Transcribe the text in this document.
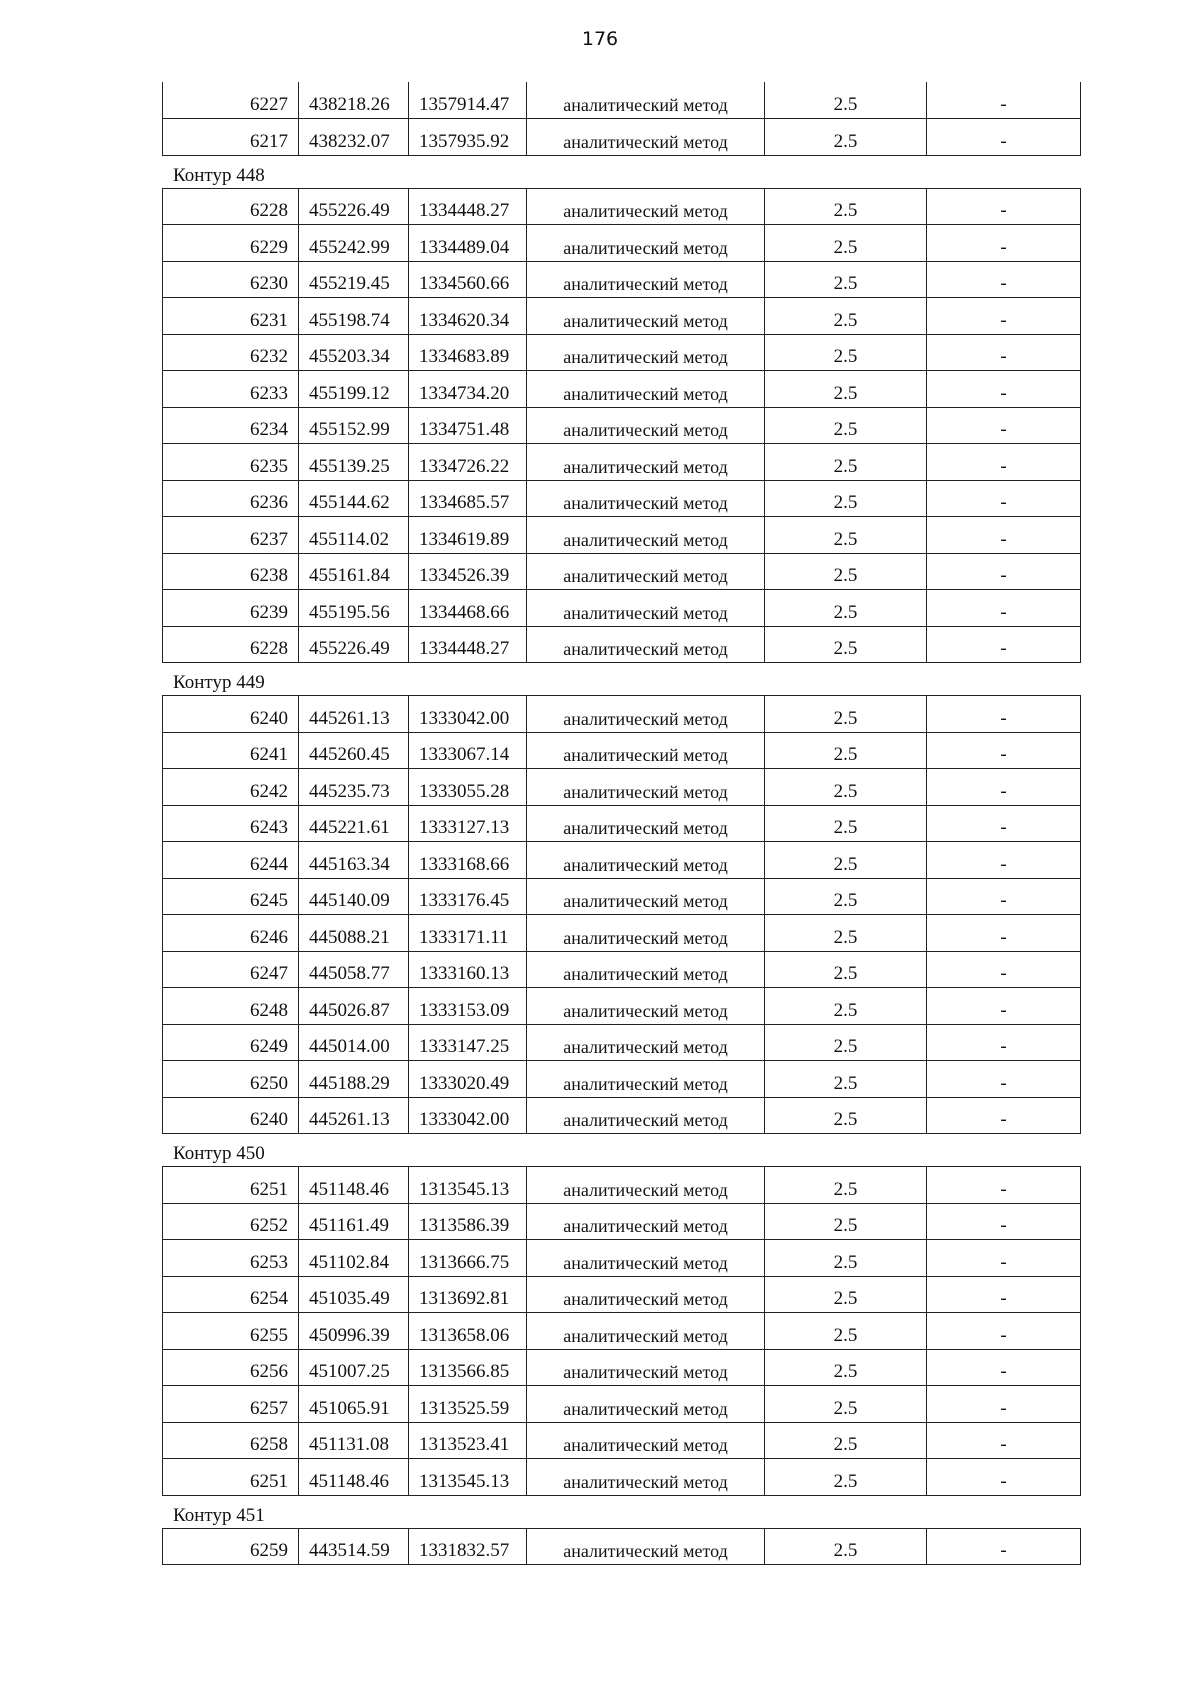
176
6227	438218.26	1357914.47	аналитический метод	2.5	-
6217	438232.07	1357935.92	аналитический метод	2.5	-
Контур 448
6228	455226.49	1334448.27	аналитический метод	2.5	-
6229	455242.99	1334489.04	аналитический метод	2.5	-
6230	455219.45	1334560.66	аналитический метод	2.5	-
6231	455198.74	1334620.34	аналитический метод	2.5	-
6232	455203.34	1334683.89	аналитический метод	2.5	-
6233	455199.12	1334734.20	аналитический метод	2.5	-
6234	455152.99	1334751.48	аналитический метод	2.5	-
6235	455139.25	1334726.22	аналитический метод	2.5	-
6236	455144.62	1334685.57	аналитический метод	2.5	-
6237	455114.02	1334619.89	аналитический метод	2.5	-
6238	455161.84	1334526.39	аналитический метод	2.5	-
6239	455195.56	1334468.66	аналитический метод	2.5	-
6228	455226.49	1334448.27	аналитический метод	2.5	-
Контур 449
6240	445261.13	1333042.00	аналитический метод	2.5	-
6241	445260.45	1333067.14	аналитический метод	2.5	-
6242	445235.73	1333055.28	аналитический метод	2.5	-
6243	445221.61	1333127.13	аналитический метод	2.5	-
6244	445163.34	1333168.66	аналитический метод	2.5	-
6245	445140.09	1333176.45	аналитический метод	2.5	-
6246	445088.21	1333171.11	аналитический метод	2.5	-
6247	445058.77	1333160.13	аналитический метод	2.5	-
6248	445026.87	1333153.09	аналитический метод	2.5	-
6249	445014.00	1333147.25	аналитический метод	2.5	-
6250	445188.29	1333020.49	аналитический метод	2.5	-
6240	445261.13	1333042.00	аналитический метод	2.5	-
Контур 450
6251	451148.46	1313545.13	аналитический метод	2.5	-
6252	451161.49	1313586.39	аналитический метод	2.5	-
6253	451102.84	1313666.75	аналитический метод	2.5	-
6254	451035.49	1313692.81	аналитический метод	2.5	-
6255	450996.39	1313658.06	аналитический метод	2.5	-
6256	451007.25	1313566.85	аналитический метод	2.5	-
6257	451065.91	1313525.59	аналитический метод	2.5	-
6258	451131.08	1313523.41	аналитический метод	2.5	-
6251	451148.46	1313545.13	аналитический метод	2.5	-
Контур 451
6259	443514.59	1331832.57	аналитический метод	2.5	-
